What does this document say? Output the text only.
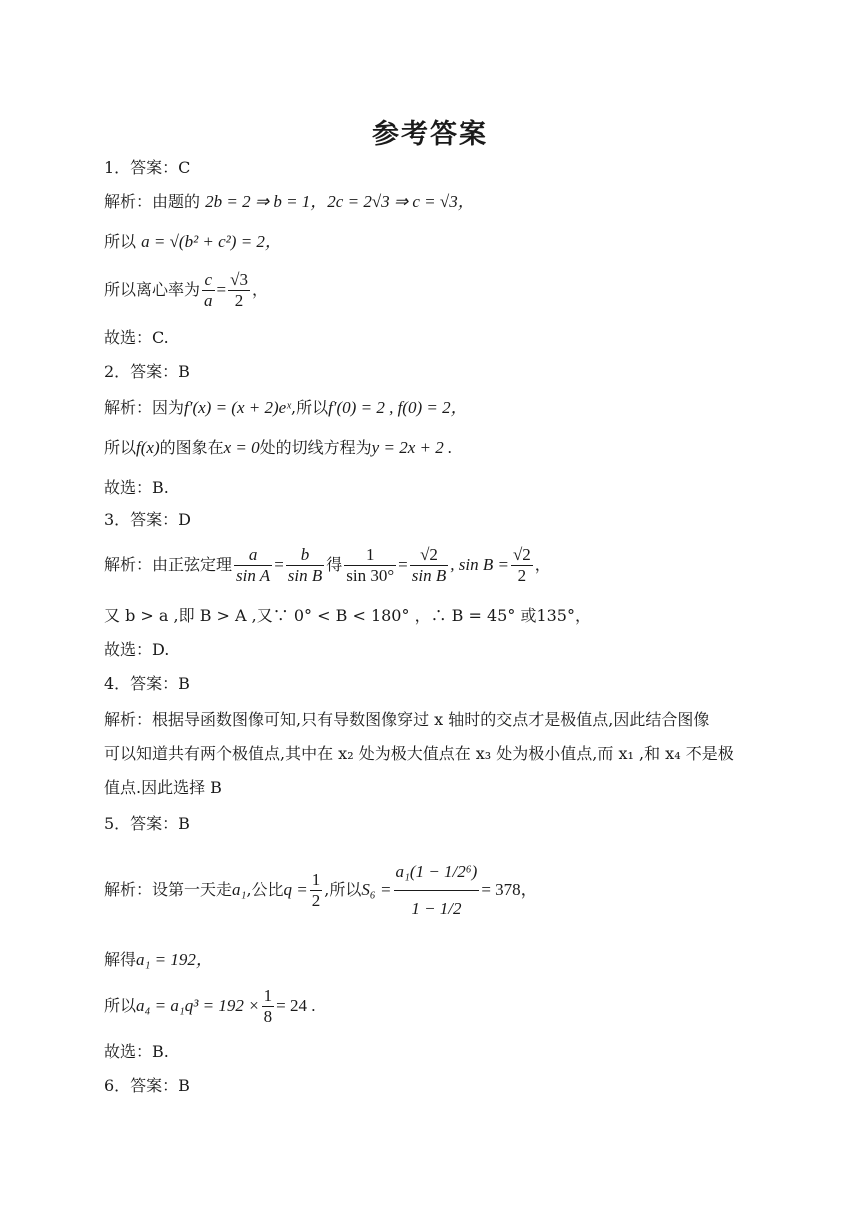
参考答案
1．答案：C
解析：由题的 2b = 2 ⇒ b = 1，2c = 2√3 ⇒ c = √3，
所以 a = √(b² + c²) = 2，
所以离心率为 $\frac{c}{a} = \frac{√3}{2}$ ，
故选：C.
2．答案：B
解析：因为f′(x) = (x + 2)eˣ,所以f′(0) = 2 , f(0) = 2，
所以f(x)的图象在x = 0处的切线方程为y = 2x + 2 .
故选：B.
3．答案：D
解析：由正弦定理 $\frac{a}{\text{sin A}} = \frac{b}{\text{sin B}}$ 得 $\frac{1}{\sin 30^\circ} = \frac{√2}{\text{sin B}}$ , $\sin B = \frac{√2}{2}$ ，
又 b > a ,即 B > A ,又∵ 0° < B < 180° ，∴ B = 45° 或135°，
故选：D.
4．答案：B
解析：根据导函数图像可知,只有导数图像穿过 x 轴时的交点才是极值点,因此结合图像
可以知道共有两个极值点,其中在 x₂ 处为极大值点在 x₃ 处为极小值点,而 x₁ ,和 x₄ 不是极
值点.因此选择 B
5．答案：B
解析：设第一天走a₁,公比$q = \frac{1}{2}$ ,所以$S_6 = \frac{\text{a₁(1 − 1/2⁶)}}{1 - 1/2} = 378$，
解得a₁ = 192，
所以$a_4 = a_1q^3 = 192 \times \frac{1}{8} = 24$ .
故选：B.
6．答案：B
